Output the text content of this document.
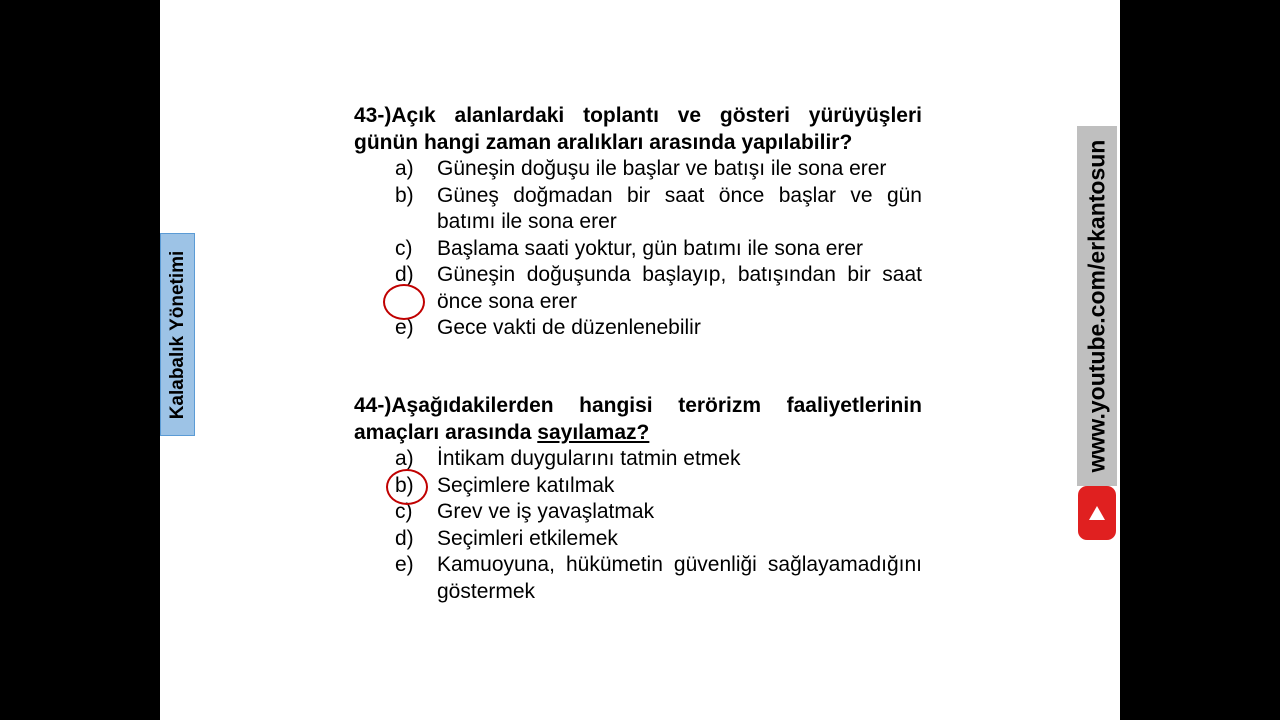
Kalabalık Yönetimi	www.youtube.com/erkantosun
43-)Açık alanlardaki toplantı ve gösteri yürüyüşleri günün hangi zaman aralıkları arasında yapılabilir?
a) Güneşin doğuşu ile başlar ve batışı ile sona erer
b) Güneş doğmadan bir saat önce başlar ve gün batımı ile sona erer
c) Başlama saati yoktur, gün batımı ile sona erer
d) Güneşin doğuşunda başlayıp, batışından bir saat önce sona erer
e) Gece vakti de düzenlenebilir
44-)Aşağıdakilerden hangisi terörizm faaliyetlerinin amaçları arasında sayılamaz?
a) İntikam duygularını tatmin etmek
b) Seçimlere katılmak
c) Grev ve iş yavaşlatmak
d) Seçimleri etkilemek
e) Kamuoyuna, hükümetin güvenliği sağlayamadığını göstermek
